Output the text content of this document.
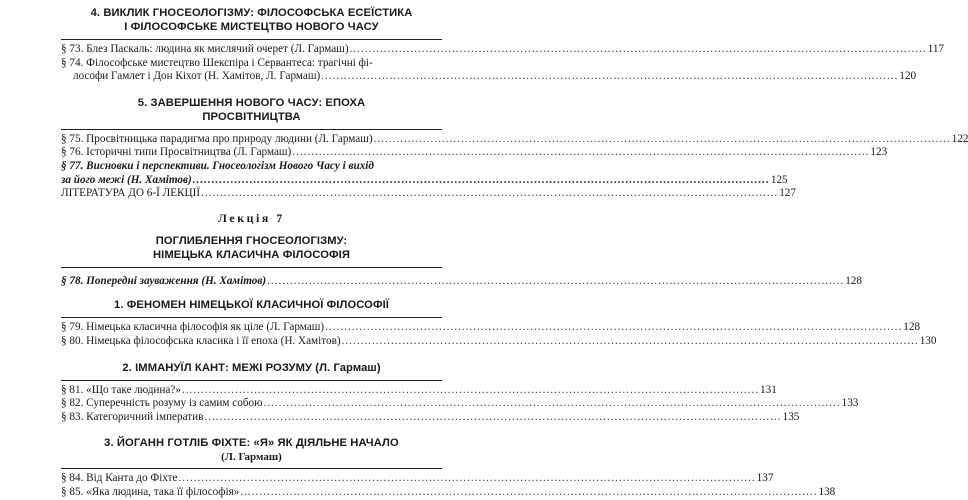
4. ВИКЛИК ГНОСЕОЛОГІЗМУ: ФІЛОСОФСЬКА ЕСЕЇСТИКА
І ФІЛОСОФСЬКЕ МИСТЕЦТВО НОВОГО ЧАСУ
§ 73. Блез Паскаль: людина як мислячий очерет (Л. Гармаш) .....	117
§ 74. Філософське мистецтво Шекспіра і Сервантеса: трагічні фі-
лософи Гамлет і Дон Кіхот (Н. Хамітов, Л. Гармаш) .....	120
5. ЗАВЕРШЕННЯ НОВОГО ЧАСУ: ЕПОХА
ПРОСВІТНИЦТВА
§ 75. Просвітницька парадигма про природу людини (Л. Гармаш) .....	122
§ 76. Історичні типи Просвітництва (Л. Гармаш) .....	123
§ 77. Висновки і перспективи. Гносеологізм Нового Часу і вихід
за його межі (Н. Хамітов) .....	125
ЛІТЕРАТУРА ДО 6-Ї ЛЕКЦІЇ .....	127
Лекція 7
ПОГЛИБЛЕННЯ ГНОСЕОЛОГІЗМУ:
НІМЕЦЬКА КЛАСИЧНА ФІЛОСОФІЯ
§ 78. Попередні зауваження (Н. Хамітов) .....	128
1. ФЕНОМЕН НІМЕЦЬКОЇ КЛАСИЧНОЇ ФІЛОСОФІЇ
§ 79. Німецька класична філософія як ціле (Л. Гармаш) .....	128
§ 80. Німецька філософська класика і її епоха (Н. Хамітов) .....	130
2. ІММАНУЇЛ КАНТ: МЕЖІ РОЗУМУ (Л. Гармаш)
§ 81. «Що таке людина?» .....	131
§ 82. Суперечність розуму із самим собою .....	133
§ 83. Категоричний імператив .....	135
3. ЙОГАНН ГОТЛІБ ФІХТЕ: «Я» ЯК ДІЯЛЬНЕ НАЧАЛО
(Л. Гармаш)
§ 84. Від Канта до Фіхте .....	137
§ 85. «Яка людина, така її філософія» .....	138
